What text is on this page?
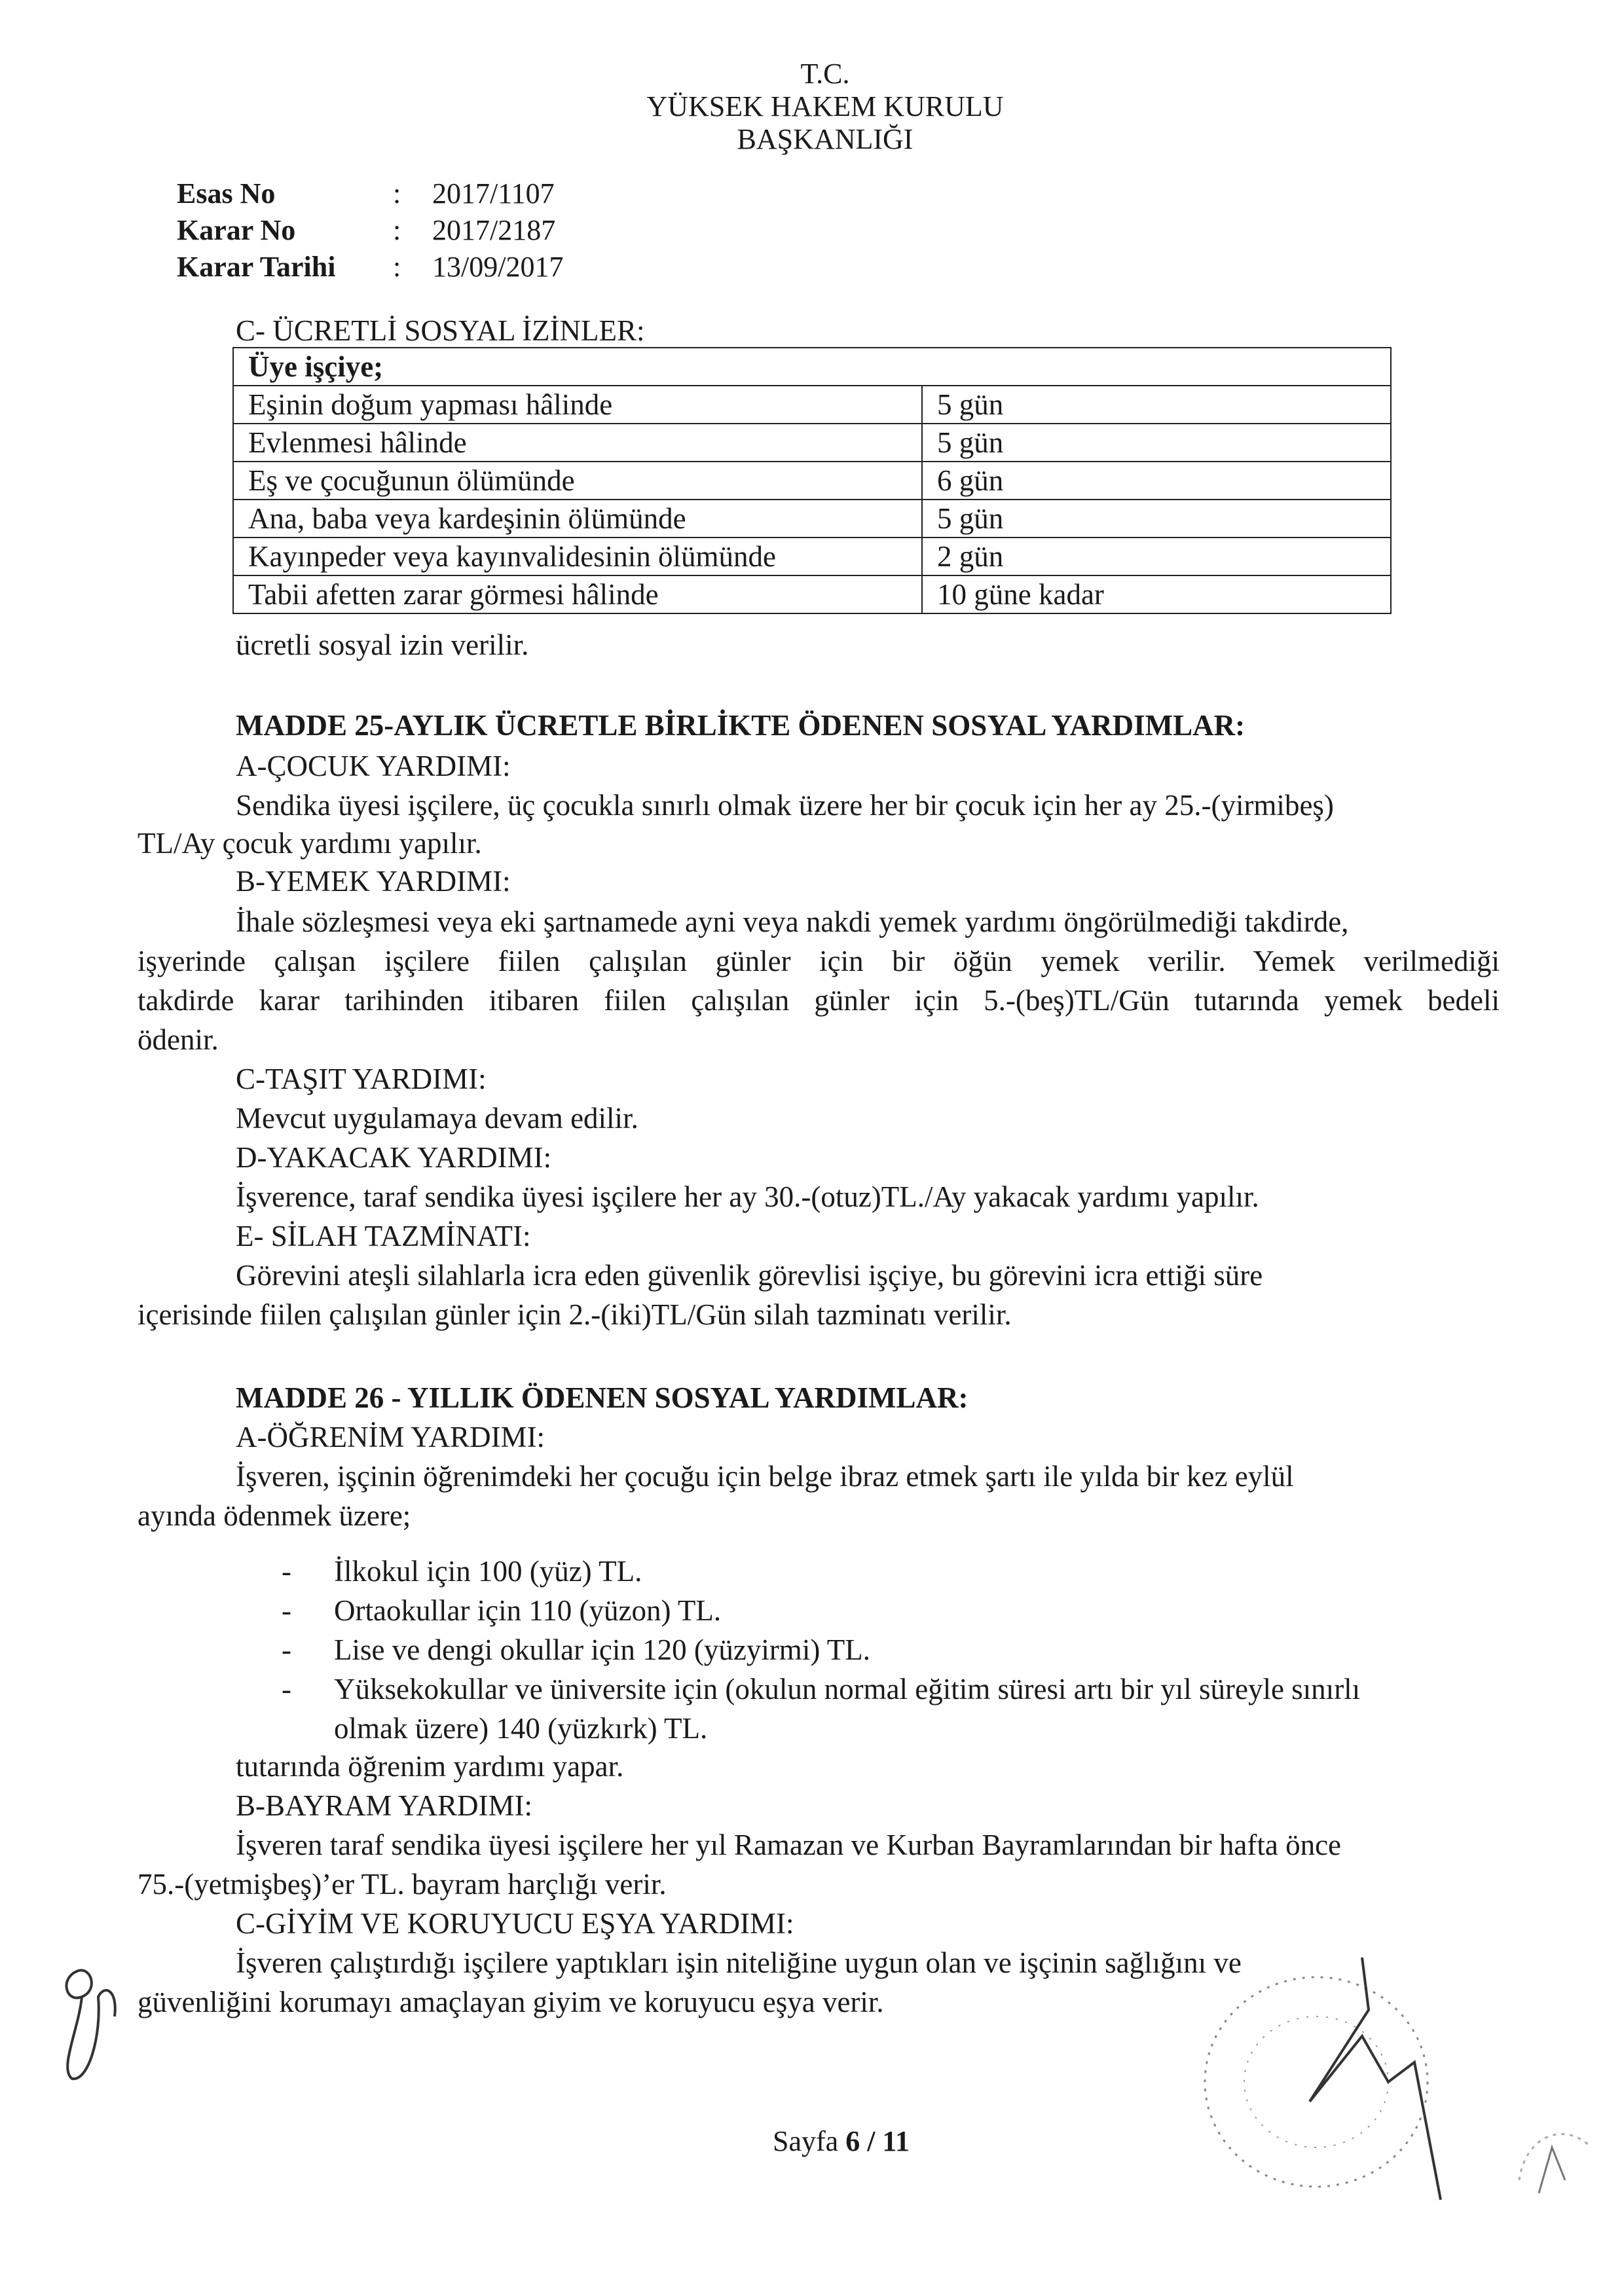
T.C.
YÜKSEK HAKEM KURULU
BAŞKANLIĞI
Esas No	:	2017/1107
Karar No	:	2017/2187
Karar Tarihi	:	13/09/2017
C- ÜCRETLİ SOSYAL İZİNLER:
Üye işçiye;	
Eşinin doğum yapması hâlinde	5 gün
Evlenmesi hâlinde	5 gün
Eş ve çocuğunun ölümünde	6 gün
Ana, baba veya kardeşinin ölümünde	5 gün
Kayınpeder veya kayınvalidesinin ölümünde	2 gün
Tabii afetten zarar görmesi hâlinde	10 güne kadar
ücretli sosyal izin verilir.
MADDE 25-AYLIK ÜCRETLE BİRLİKTE ÖDENEN SOSYAL YARDIMLAR:
A-ÇOCUK YARDIMI:
Sendika üyesi işçilere, üç çocukla sınırlı olmak üzere her bir çocuk için her ay 25.-(yirmibeş)
TL/Ay çocuk yardımı yapılır.
B-YEMEK YARDIMI:
İhale sözleşmesi veya eki şartnamede ayni veya nakdi yemek yardımı öngörülmediği takdirde,
işyerinde çalışan işçilere fiilen çalışılan günler için bir öğün yemek verilir. Yemek verilmediği
takdirde karar tarihinden itibaren fiilen çalışılan günler için 5.-(beş)TL/Gün tutarında yemek bedeli
ödenir.
C-TAŞIT YARDIMI:
Mevcut uygulamaya devam edilir.
D-YAKACAK YARDIMI:
İşverence, taraf sendika üyesi işçilere her ay 30.-(otuz)TL./Ay yakacak yardımı yapılır.
E- SİLAH TAZMİNATI:
Görevini ateşli silahlarla icra eden güvenlik görevlisi işçiye, bu görevini icra ettiği süre
içerisinde fiilen çalışılan günler için 2.-(iki)TL/Gün silah tazminatı verilir.
MADDE 26 - YILLIK ÖDENEN SOSYAL YARDIMLAR:
A-ÖĞRENİM YARDIMI:
İşveren, işçinin öğrenimdeki her çocuğu için belge ibraz etmek şartı ile yılda bir kez eylül
ayında ödenmek üzere;
-	İlkokul için 100 (yüz) TL.
-	Ortaokullar için 110 (yüzon) TL.
-	Lise ve dengi okullar için 120 (yüzyirmi) TL.
-	Yüksekokullar ve üniversite için (okulun normal eğitim süresi artı bir yıl süreyle sınırlı
olmak üzere) 140 (yüzkırk) TL.
tutarında öğrenim yardımı yapar.
B-BAYRAM YARDIMI:
İşveren taraf sendika üyesi işçilere her yıl Ramazan ve Kurban Bayramlarından bir hafta önce
75.-(yetmişbeş)’er TL. bayram harçlığı verir.
C-GİYİM VE KORUYUCU EŞYA YARDIMI:
İşveren çalıştırdığı işçilere yaptıkları işin niteliğine uygun olan ve işçinin sağlığını ve
güvenliğini korumayı amaçlayan giyim ve koruyucu eşya verir.
Sayfa 6 / 11
